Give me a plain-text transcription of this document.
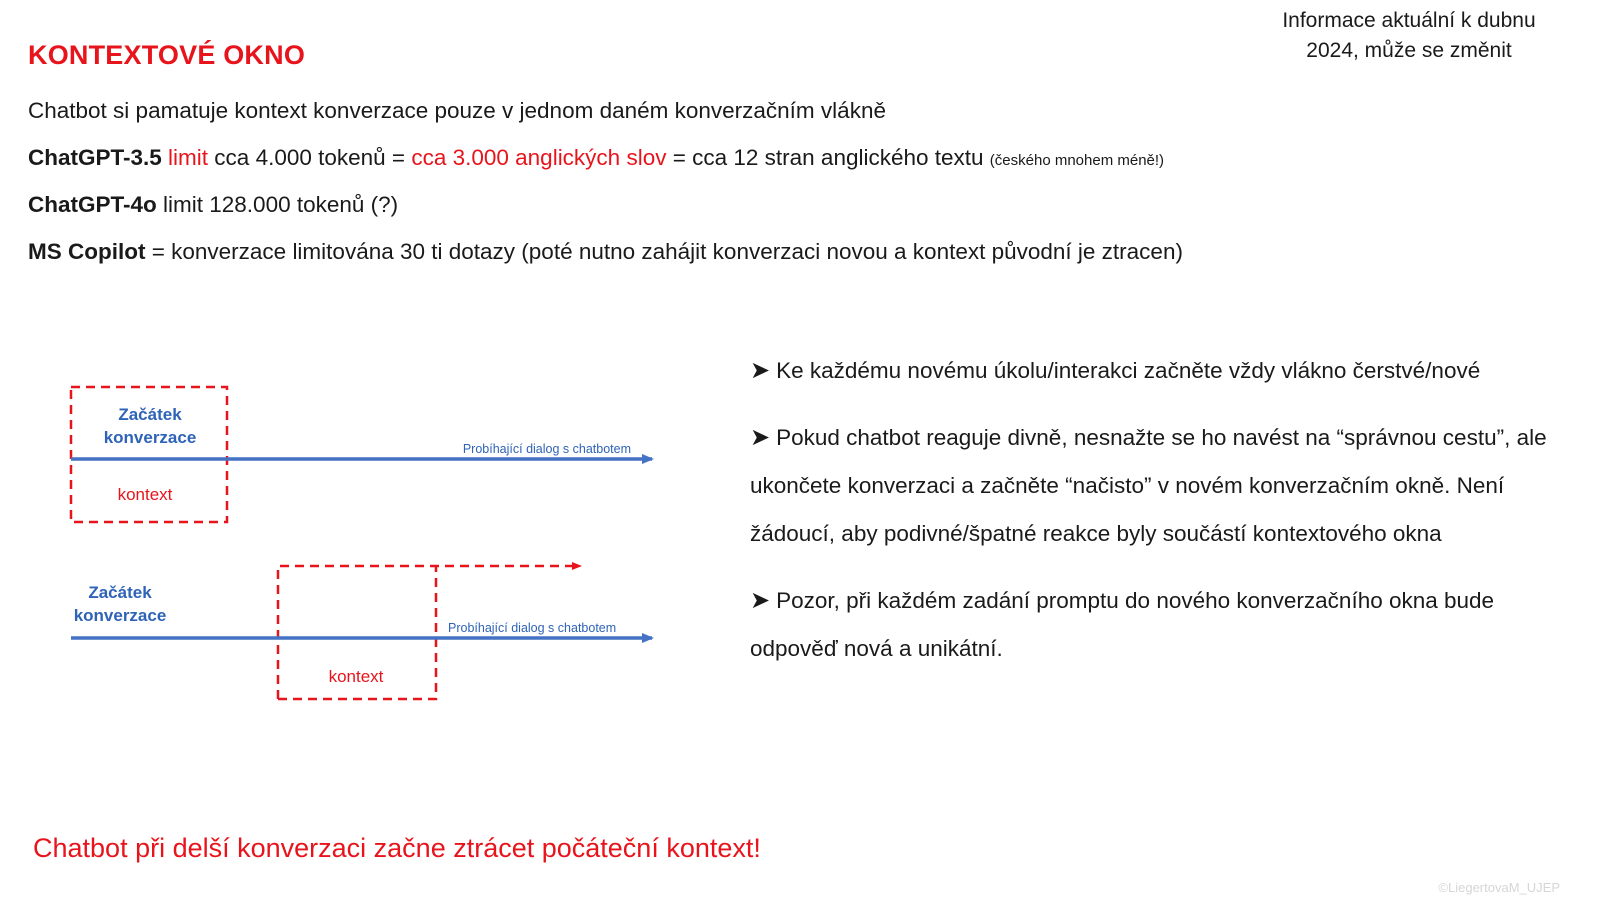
KONTEXTOVÉ OKNO
Informace aktuální k dubnu
2024, může se změnit
Chatbot si pamatuje kontext konverzace pouze v jednom daném konverzačním vlákně
ChatGPT-3.5 limit cca 4.000 tokenů = cca 3.000 anglických slov = cca 12 stran anglického textu (českého mnohem méně!)
ChatGPT-4o limit 128.000 tokenů (?)
MS Copilot = konverzace limitována 30 ti dotazy (poté nutno zahájit konverzaci novou a kontext původní je ztracen)
Začátek
konverzace
Probíhající dialog s chatbotem
kontext
Začátek
konverzace
Probíhající dialog s chatbotem
kontext
➤ Ke každému novému úkolu/interakci začněte vždy vlákno čerstvé/nové
➤ Pokud chatbot reaguje divně, nesnažte se ho navést na “správnou cestu”, ale ukončete konverzaci a začněte “načisto” v novém konverzačním okně. Není žádoucí, aby podivné/špatné reakce byly součástí kontextového okna
➤ Pozor, při každém zadání promptu do nového konverzačního okna bude odpověď nová a unikátní.
Chatbot při delší konverzaci začne ztrácet počáteční kontext!
©LiegertovaM_UJEP
